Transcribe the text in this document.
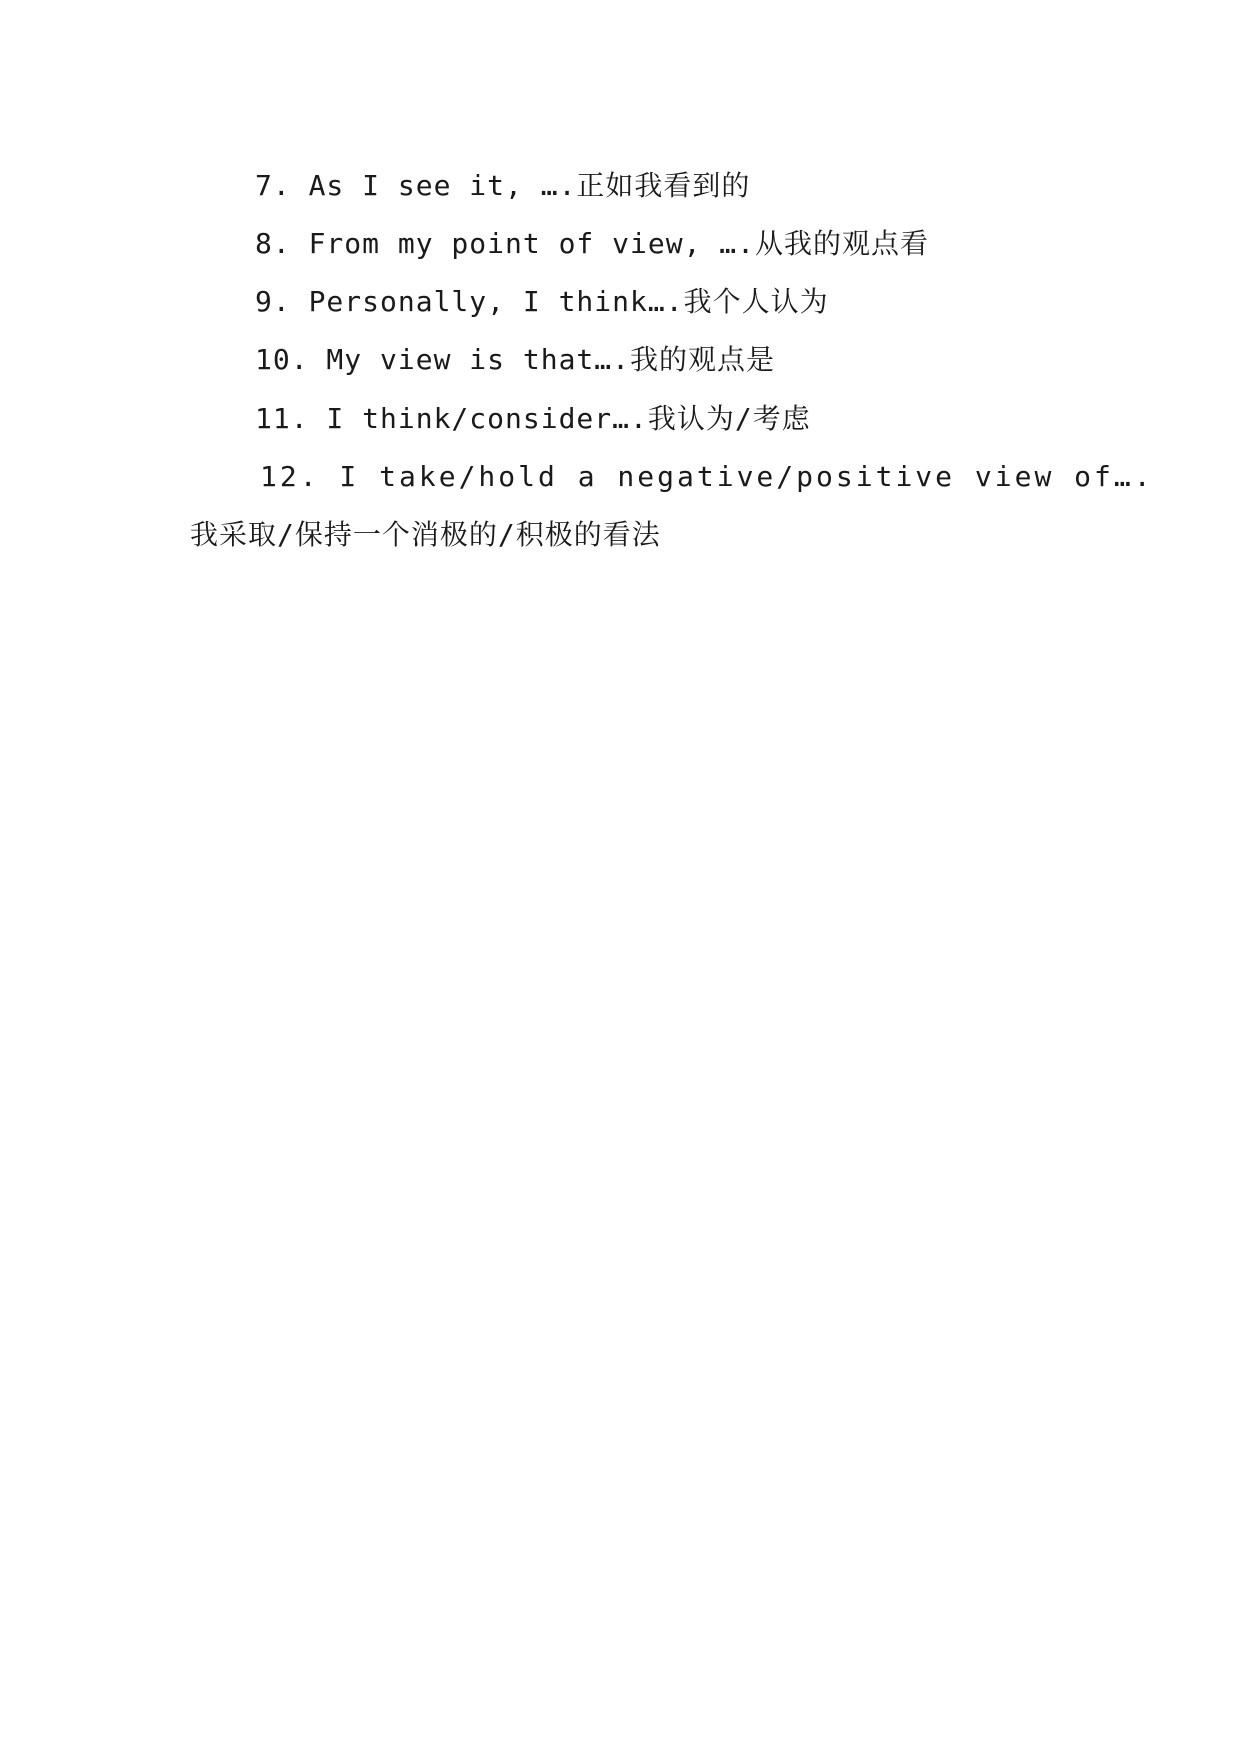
7. As I see it, ….正如我看到的
8. From my point of view, ….从我的观点看
9. Personally, I think….我个人认为
10. My view is that….我的观点是
11. I think/consider….我认为/考虑
12. I take/hold a negative/positive view of….
我采取/保持一个消极的/积极的看法
